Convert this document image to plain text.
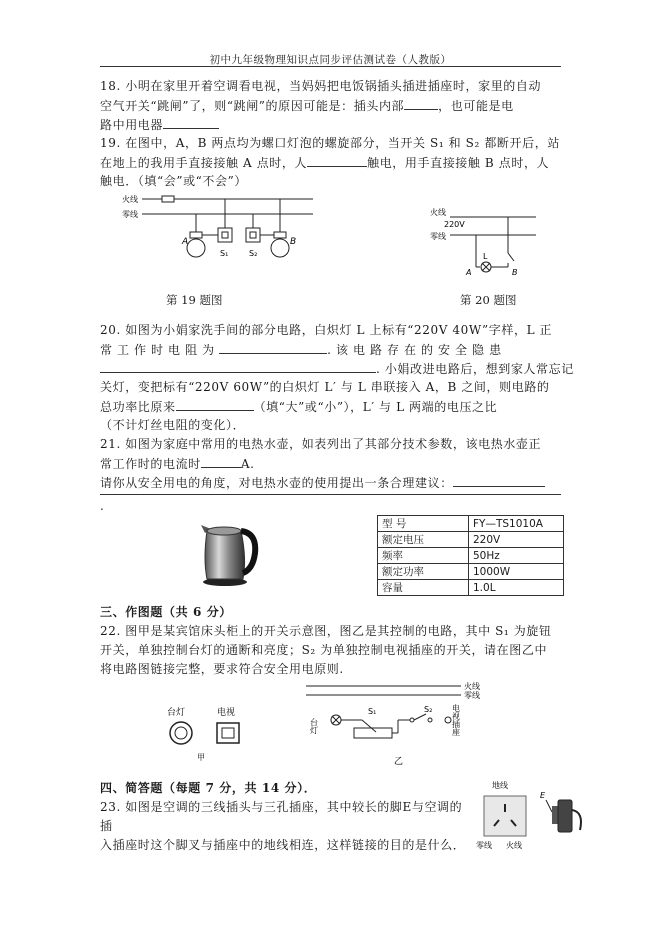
初中九年级物理知识点同步评估测试卷（人教版）
18. 小明在家里开着空调看电视，当妈妈把电饭锅插头插进插座时，家里的自动
空气开关“跳闸”了，则“跳闸”的原因可能是：插头内部	，也可能是电
路中用电器
19. 在图中，A，B 两点均为螺口灯泡的螺旋部分，当开关 S₁ 和 S₂ 都断开后，站
在地上的我用手直接接触 A 点时，人	触电，用手直接接触 B 点时，人
触电．（填“会”或“不会”）
火线
零线
A
S₁	S₂
B
第 19 题图
火线
220V
零线
L
A	B
第 20 题图
20. 如图为小娟家洗手间的部分电路，白炽灯 L 上标有“220V 40W”字样，L 正
常 工 作 时 电 阻 为	. 该 电 路 存 在 的 安 全 隐 患
. 小娟改进电路后，想到家人常忘记
关灯，变把标有“220V 60W”的白炽灯 L′ 与 L 串联接入 A，B 之间，则电路的
总功率比原来	（填“大”或“小”），L′ 与 L 两端的电压之比
（不计灯丝电阻的变化）．
21. 如图为家庭中常用的电热水壶，如表列出了其部分技术参数，该电热水壶正
常工作时的电流时	A.
请你从安全用电的角度，对电热水壶的使用提出一条合理建议：
.
型 号	FY—TS1010A
额定电压	220V
频率	50Hz
额定功率	1000W
容量	1.0L
三、作图题（共 6 分）
22. 图甲是某宾馆床头柜上的开关示意图，图乙是其控制的电路，其中 S₁ 为旋钮
开关，单独控制台灯的通断和亮度；S₂ 为单独控制电视插座的开关，请在图乙中
将电路图链接完整，要求符合安全用电原则.
台灯	电视
甲
火线
零线
台灯
S₁	S₂ 电视插座
乙
四、简答题（每题 7 分，共 14 分）．
23. 如图是空调的三线插头与三孔插座，其中较长的脚E与空调的
插
入插座时这个脚叉与插座中的地线相连，这样链接的目的是什么．
地线
零线 火线
E
